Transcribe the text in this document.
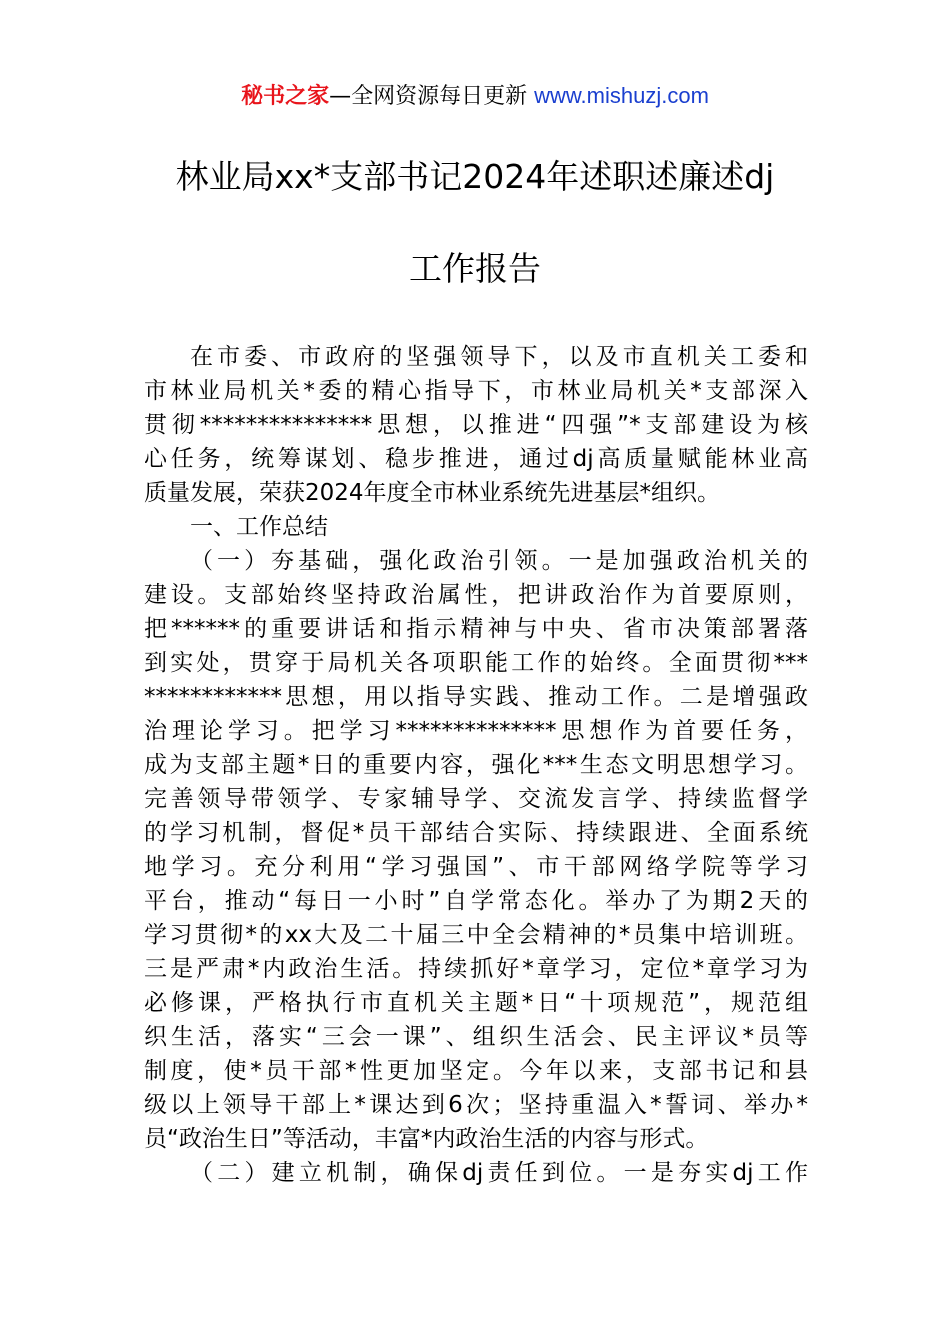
秘书之家—全网资源每日更新 www.mishuzj.com
林业局xx*支部书记2024年述职述廉述dj
工作报告
在市委、市政府的坚强领导下，以及市直机关工委和
市林业局机关*委的精心指导下，市林业局机关*支部深入
贯彻***************思想，以推进“四强”*支部建设为核
心任务，统筹谋划、稳步推进，通过dj高质量赋能林业高
质量发展，荣获2024年度全市林业系统先进基层*组织。
一、工作总结
（一）夯基础，强化政治引领。一是加强政治机关的
建设。支部始终坚持政治属性，把讲政治作为首要原则，
把******的重要讲话和指示精神与中央、省市决策部署落
到实处，贯穿于局机关各项职能工作的始终。全面贯彻***
************思想，用以指导实践、推动工作。二是增强政
治理论学习。把学习**************思想作为首要任务，
成为支部主题*日的重要内容，强化***生态文明思想学习。
完善领导带领学、专家辅导学、交流发言学、持续监督学
的学习机制，督促*员干部结合实际、持续跟进、全面系统
地学习。充分利用“学习强国”、市干部网络学院等学习
平台，推动“每日一小时”自学常态化。举办了为期2天的
学习贯彻*的xx大及二十届三中全会精神的*员集中培训班。
三是严肃*内政治生活。持续抓好*章学习，定位*章学习为
必修课，严格执行市直机关主题*日“十项规范”，规范组
织生活，落实“三会一课”、组织生活会、民主评议*员等
制度，使*员干部*性更加坚定。今年以来，支部书记和县
级以上领导干部上*课达到6次；坚持重温入*誓词、举办*
员“政治生日”等活动，丰富*内政治生活的内容与形式。
（二）建立机制，确保dj责任到位。一是夯实dj工作
